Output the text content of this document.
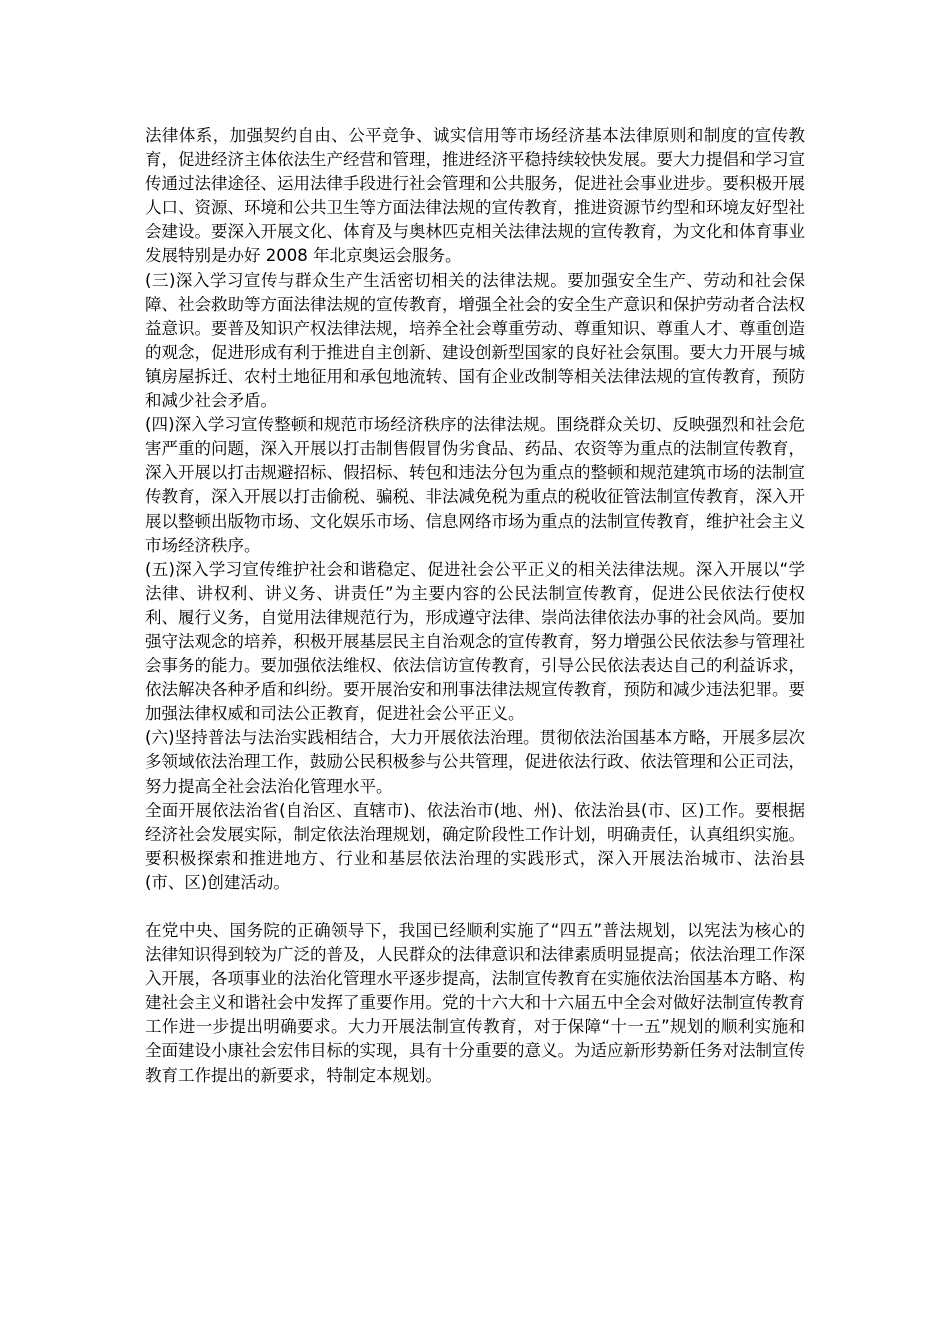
法律体系，加强契约自由、公平竞争、诚实信用等市场经济基本法律原则和制度的宣传教育，促进经济主体依法生产经营和管理，推进经济平稳持续较快发展。要大力提倡和学习宣传通过法律途径、运用法律手段进行社会管理和公共服务，促进社会事业进步。要积极开展人口、资源、环境和公共卫生等方面法律法规的宣传教育，推进资源节约型和环境友好型社会建设。要深入开展文化、体育及与奥林匹克相关法律法规的宣传教育，为文化和体育事业发展特别是办好 2008 年北京奥运会服务。

(三)深入学习宣传与群众生产生活密切相关的法律法规。要加强安全生产、劳动和社会保障、社会救助等方面法律法规的宣传教育，增强全社会的安全生产意识和保护劳动者合法权益意识。要普及知识产权法律法规，培养全社会尊重劳动、尊重知识、尊重人才、尊重创造的观念，促进形成有利于推进自主创新、建设创新型国家的良好社会氛围。要大力开展与城镇房屋拆迁、农村土地征用和承包地流转、国有企业改制等相关法律法规的宣传教育，预防和减少社会矛盾。

(四)深入学习宣传整顿和规范市场经济秩序的法律法规。围绕群众关切、反映强烈和社会危害严重的问题，深入开展以打击制售假冒伪劣食品、药品、农资等为重点的法制宣传教育，深入开展以打击规避招标、假招标、转包和违法分包为重点的整顿和规范建筑市场的法制宣传教育，深入开展以打击偷税、骗税、非法减免税为重点的税收征管法制宣传教育，深入开展以整顿出版物市场、文化娱乐市场、信息网络市场为重点的法制宣传教育，维护社会主义市场经济秩序。

(五)深入学习宣传维护社会和谐稳定、促进社会公平正义的相关法律法规。深入开展以“学法律、讲权利、讲义务、讲责任”为主要内容的公民法制宣传教育，促进公民依法行使权利、履行义务，自觉用法律规范行为，形成遵守法律、崇尚法律依法办事的社会风尚。要加强守法观念的培养，积极开展基层民主自治观念的宣传教育，努力增强公民依法参与管理社会事务的能力。要加强依法维权、依法信访宣传教育，引导公民依法表达自己的利益诉求，依法解决各种矛盾和纠纷。要开展治安和刑事法律法规宣传教育，预防和减少违法犯罪。要加强法律权威和司法公正教育，促进社会公平正义。

(六)坚持普法与法治实践相结合，大力开展依法治理。贯彻依法治国基本方略，开展多层次多领域依法治理工作，鼓励公民积极参与公共管理，促进依法行政、依法管理和公正司法，努力提高全社会法治化管理水平。

全面开展依法治省(自治区、直辖市)、依法治市(地、州)、依法治县(市、区)工作。要根据经济社会发展实际，制定依法治理规划，确定阶段性工作计划，明确责任，认真组织实施。要积极探索和推进地方、行业和基层依法治理的实践形式，深入开展法治城市、法治县(市、区)创建活动。

在党中央、国务院的正确领导下，我国已经顺利实施了“四五”普法规划，以宪法为核心的法律知识得到较为广泛的普及，人民群众的法律意识和法律素质明显提高；依法治理工作深入开展，各项事业的法治化管理水平逐步提高，法制宣传教育在实施依法治国基本方略、构建社会主义和谐社会中发挥了重要作用。党的十六大和十六届五中全会对做好法制宣传教育工作进一步提出明确要求。大力开展法制宣传教育，对于保障“十一五”规划的顺利实施和全面建设小康社会宏伟目标的实现，具有十分重要的意义。为适应新形势新任务对法制宣传教育工作提出的新要求，特制定本规划。
